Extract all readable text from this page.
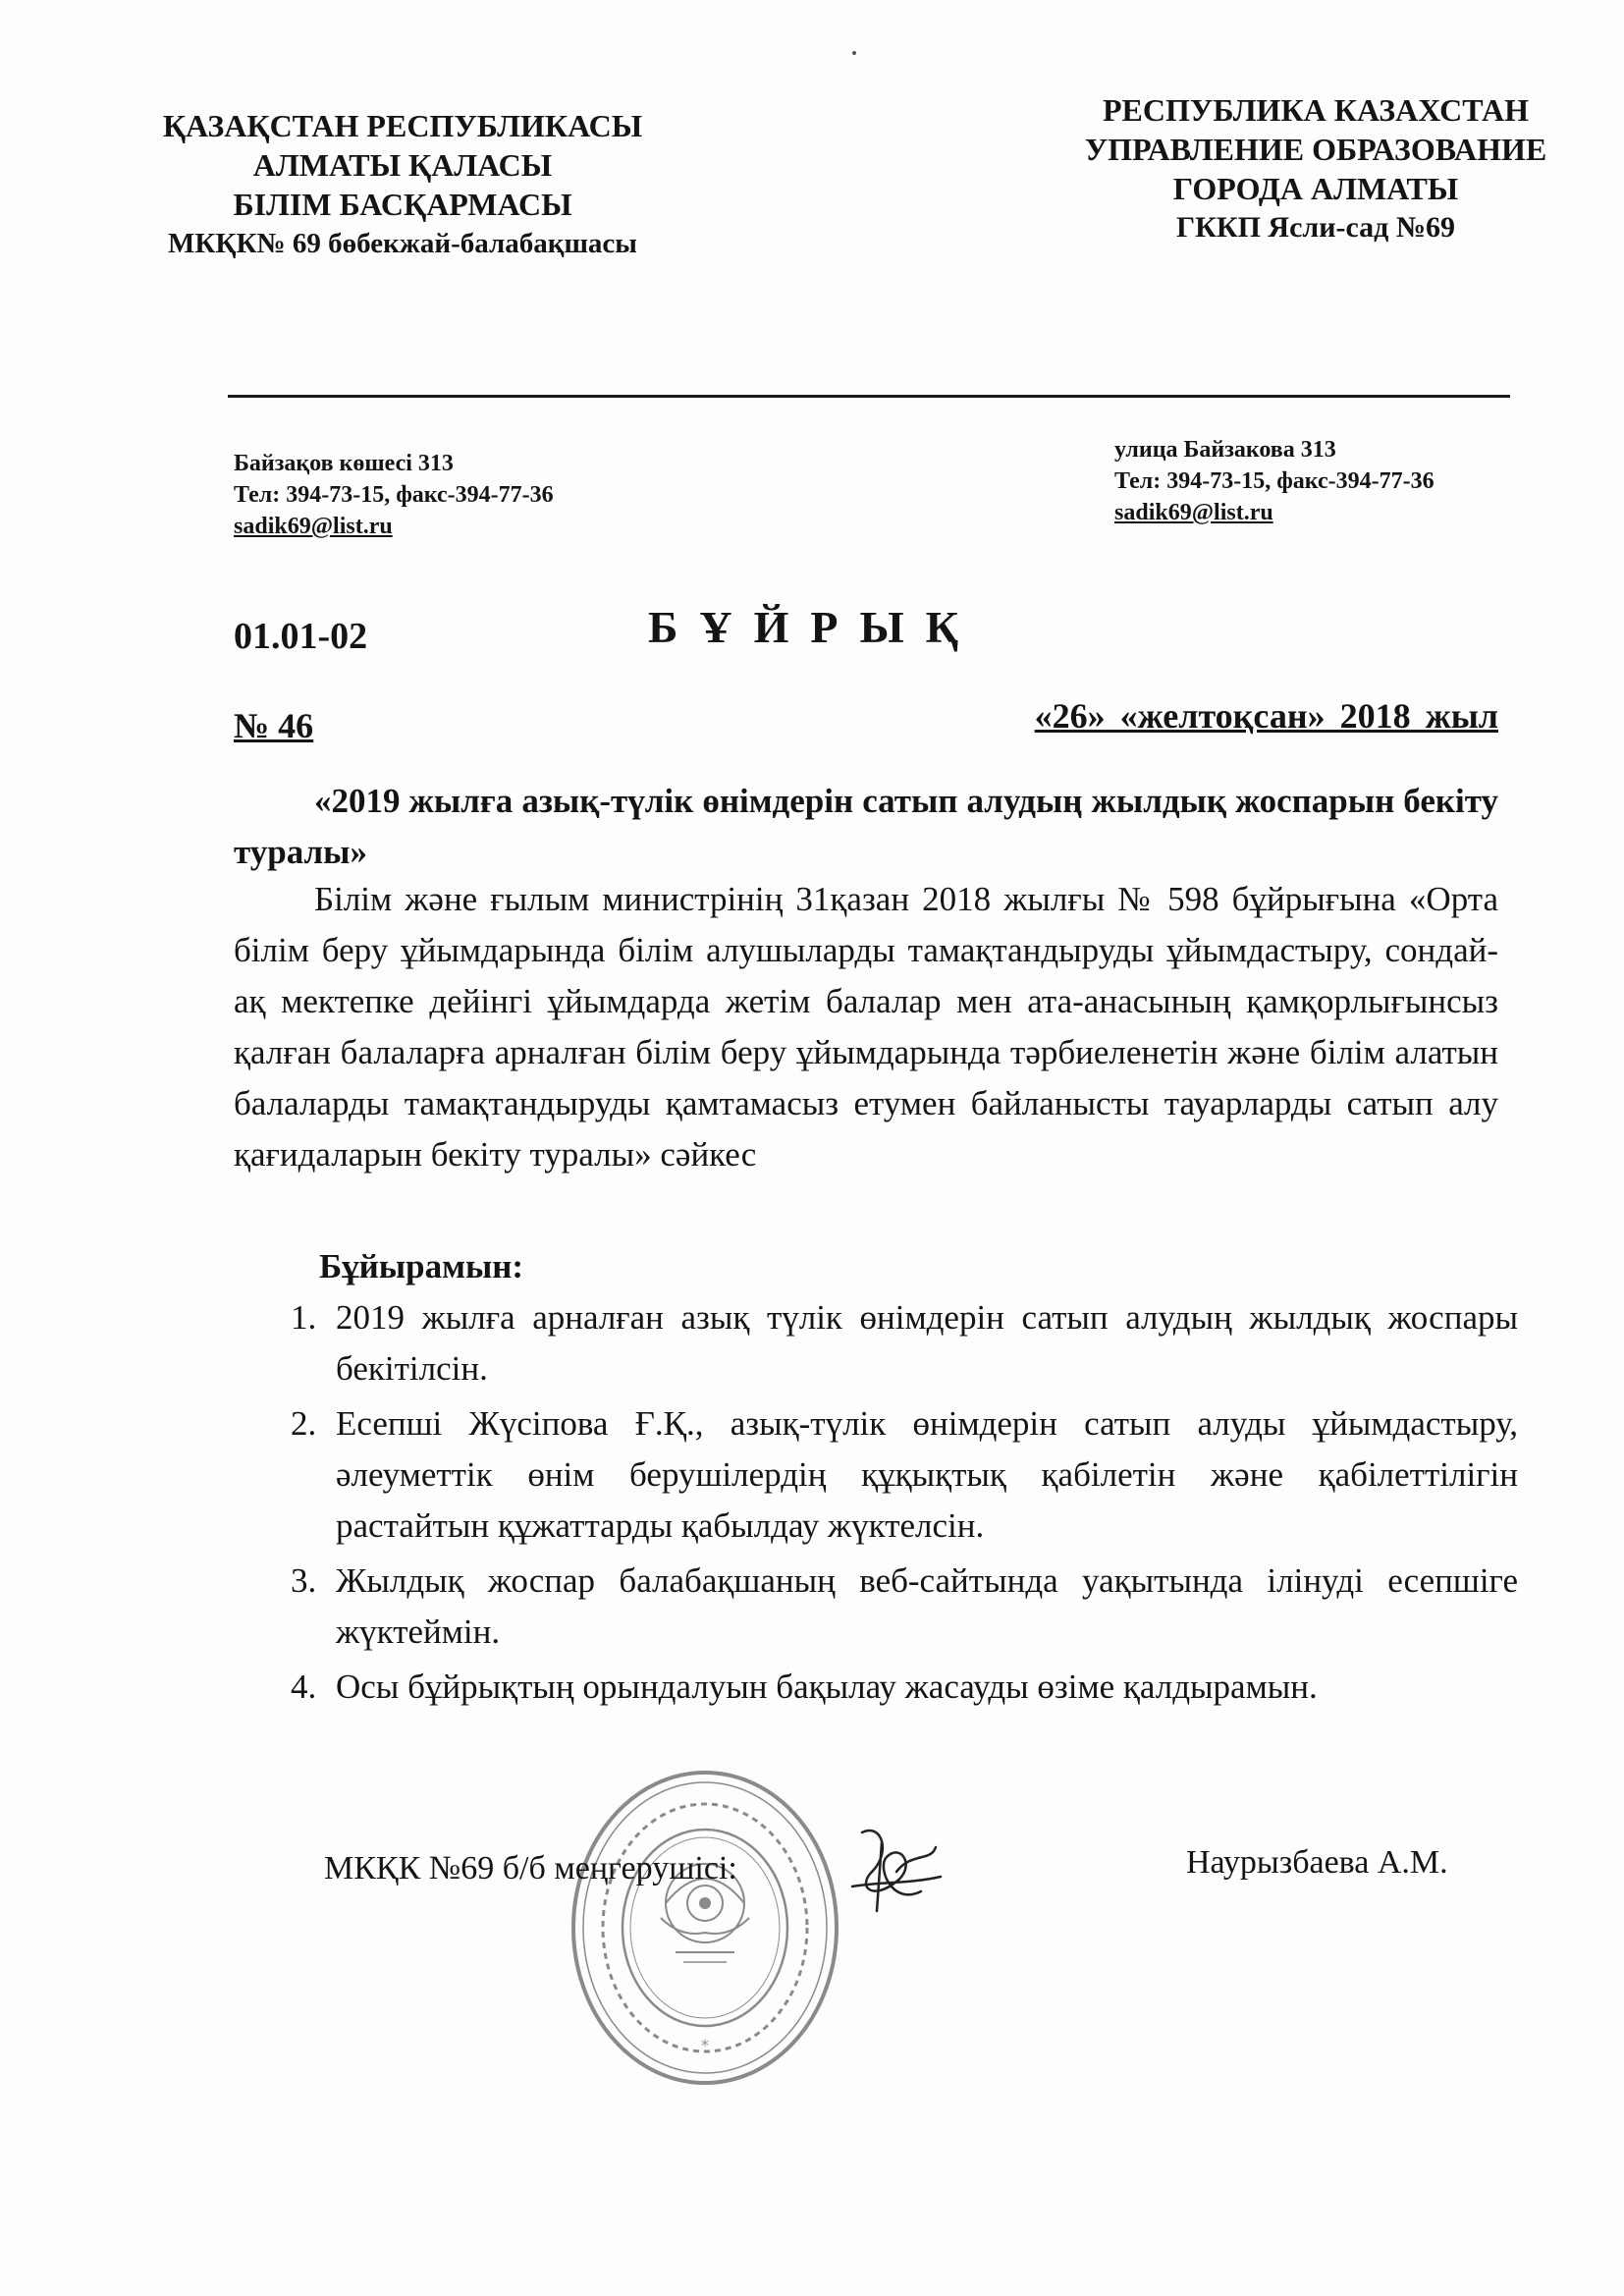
ҚАЗАҚСТАН РЕСПУБЛИКАСЫ
АЛМАТЫ ҚАЛАСЫ
БІЛІМ БАСҚАРМАСЫ
МКҚК№ 69 бөбекжай-балабақшасы
РЕСПУБЛИКА КАЗАХСТАН
УПРАВЛЕНИЕ ОБРАЗОВАНИЕ
ГОРОДА АЛМАТЫ
ГККП Ясли-сад №69
Байзақов көшесі 313
Тел: 394-73-15, факс-394-77-36
sadik69@list.ru
улица Байзакова 313
Тел: 394-73-15, факс-394-77-36
sadik69@list.ru
01.01-02	БҰЙРЫҚ
№ 46	«26» «желтоқсан» 2018 жыл
«2019 жылға азық-түлік өнімдерін сатып алудың жылдық жоспарын бекіту туралы»
Білім және ғылым министрінің 31қазан 2018 жылғы № 598 бұйрығына «Орта білім беру ұйымдарында білім алушыларды тамақтандыруды ұйымдастыру, сондай-ақ мектепке дейінгі ұйымдарда жетім балалар мен ата-анасының қамқорлығынсыз қалған балаларға арналған білім беру ұйымдарында тәрбиеленетін және білім алатын балаларды тамақтандыруды қамтамасыз етумен байланысты тауарларды сатып алу қағидаларын бекіту туралы» сәйкес
Бұйырамын:
1. 2019 жылға арналған азық түлік өнімдерін сатып алудың жылдық жоспары бекітілсін.
2. Есепші Жүсіпова Ғ.Қ., азық-түлік өнімдерін сатып алуды ұйымдастыру, әлеуметтік өнім берушілердің құқықтық қабілетін және қабілеттілігін растайтын құжаттарды қабылдау жүктелсін.
3. Жылдық жоспар балабақшаның веб-сайтында уақытында ілінуді есепшіге жүктеймін.
4. Осы бұйрықтың орындалуын бақылау жасауды өзіме қалдырамын.
*
МКҚК №69 б/б меңгерушісі:	Наурызбаева А.М.
